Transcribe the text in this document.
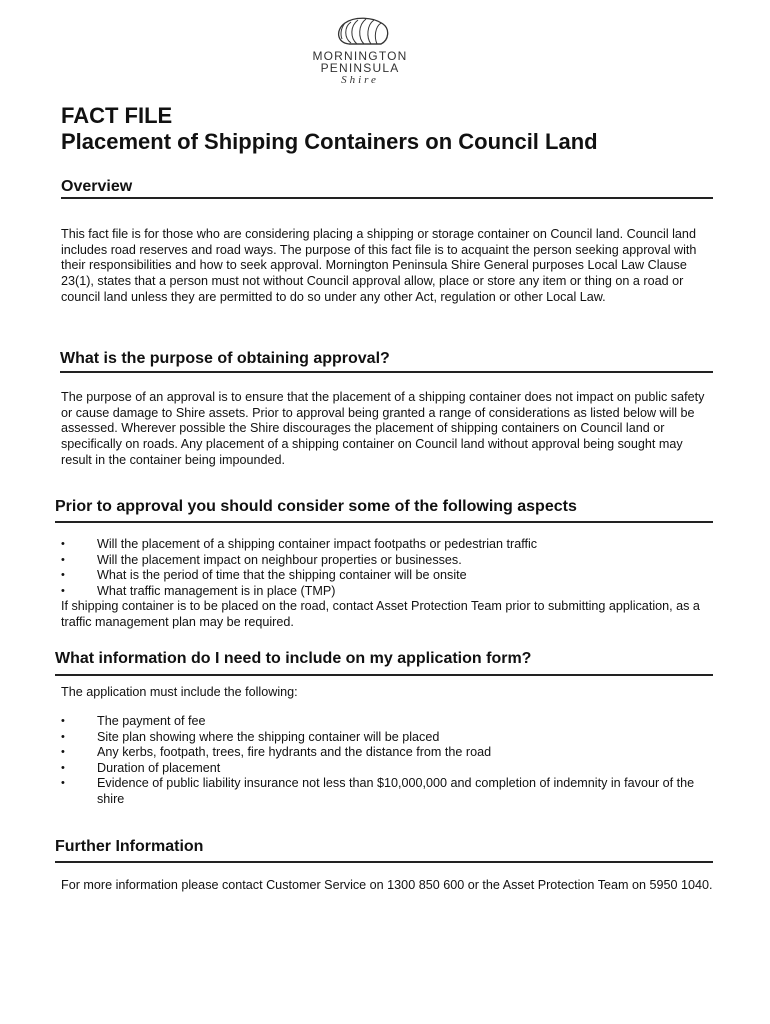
MORNINGTON
PENINSULA
Shire
FACT FILE
Placement of Shipping Containers on Council Land
Overview

This fact file is for those who are considering placing a shipping or storage container on Council land. Council land includes road reserves and road ways. The purpose of this fact file is to acquaint the person seeking approval with their responsibilities and how to seek approval. Mornington Peninsula Shire General purposes Local Law Clause 23(1), states that a person must not without Council approval allow, place or store any item or thing on a road or council land unless they are permitted to do so under any other Act, regulation or other Local Law.

What is the purpose of obtaining approval?

The purpose of an approval is to ensure that the placement of a shipping container does not impact on public safety or cause damage to Shire assets. Prior to approval being granted a range of considerations as listed below will be assessed. Wherever possible the Shire discourages the placement of shipping containers on Council land or specifically on roads. Any placement of a shipping container on Council land without approval being sought may result in the container being impounded.

Prior to approval you should consider some of the following aspects
• Will the placement of a shipping container impact footpaths or pedestrian traffic
• Will the placement impact on neighbour properties or businesses.
• What is the period of time that the shipping container will be onsite
• What traffic management is in place (TMP)

If shipping container is to be placed on the road, contact Asset Protection Team prior to submitting application, as a traffic management plan may be required.

What information do I need to include on my application form?

The application must include the following:

• The payment of fee
• Site plan showing where the shipping container will be placed
• Any kerbs, footpath, trees, fire hydrants and the distance from the road
• Duration of placement
• Evidence of public liability insurance not less than $10,000,000 and completion of indemnity in favour of the shire
Further Information

For more information please contact Customer Service on 1300 850 600 or the Asset Protection Team on 5950 1040.
